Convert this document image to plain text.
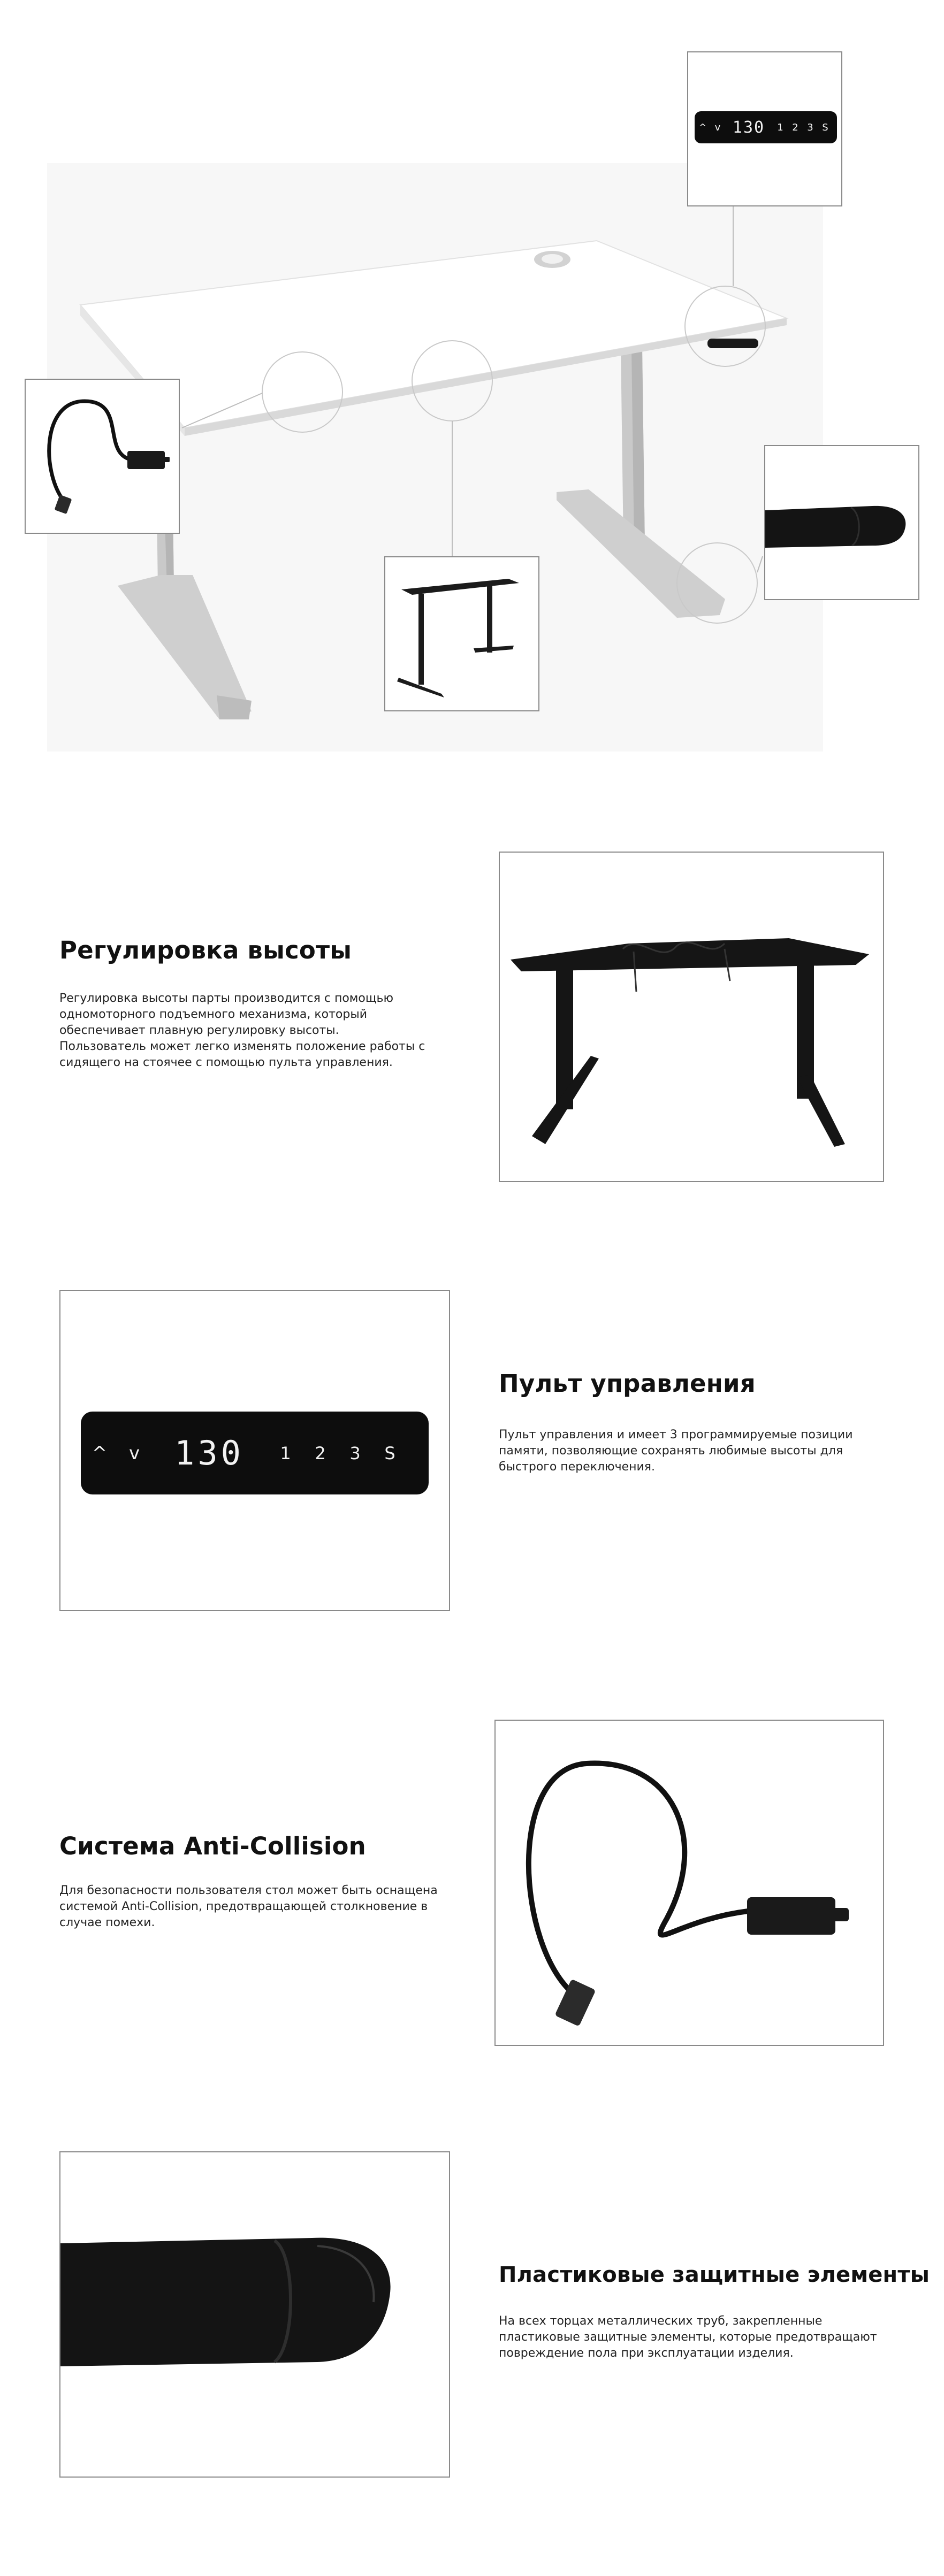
^ v 130	1 2 3 S
Регулировка высоты
Регулировка высоты парты производится с помощью
одномоторного подъемного механизма, который
обеспечивает плавную регулировку высоты.
Пользователь может легко изменять положение работы с
сидящего на стоячее с помощью пульта управления.
^	v	130	1	2	3	S
Пульт управления
Пульт управления и имеет 3 программируемые позиции
памяти, позволяющие сохранять любимые высоты для
быстрого переключения.
Система Anti-Collision
Для безопасности пользователя стол может быть оснащена
системой Anti-Collision, предотвращающей столкновение в
случае помехи.
Пластиковые защитные элементы
На всех торцах металлических труб, закрепленные
пластиковые защитные элементы, которые предотвращают
повреждение пола при эксплуатации изделия.
